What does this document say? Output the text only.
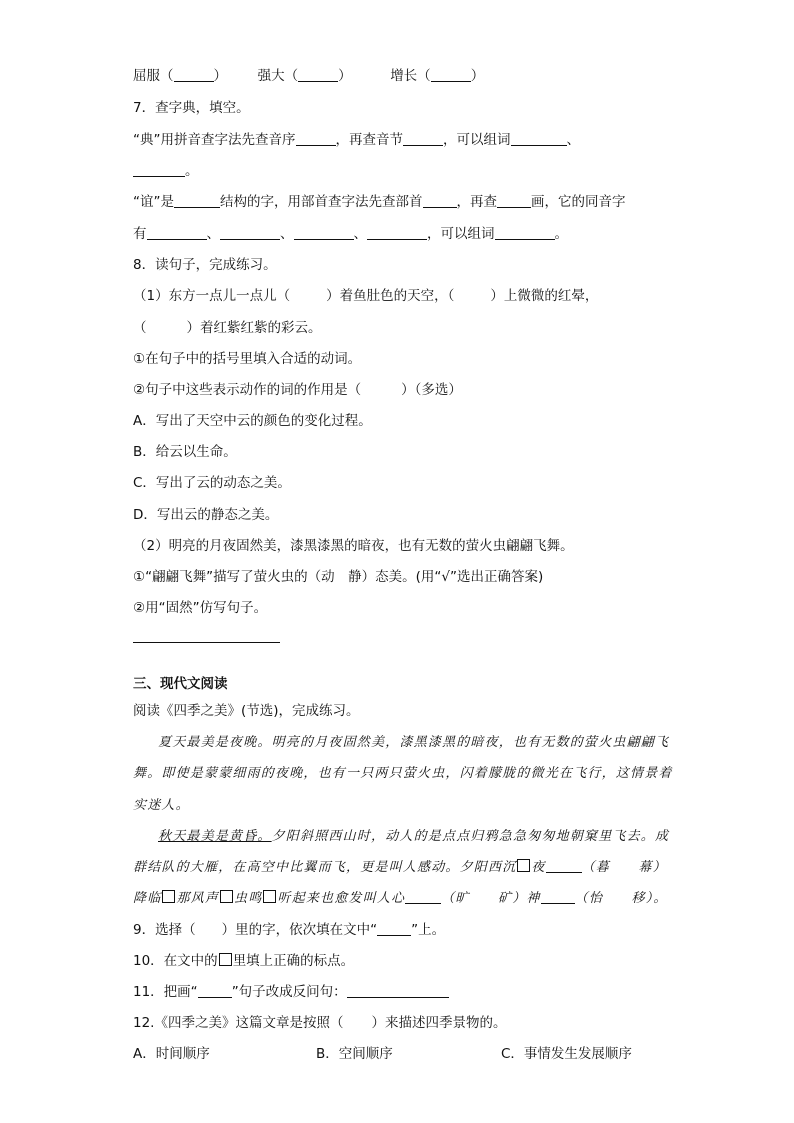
屈服（	） 强大（	）	增长（	）
7．查字典，填空。
“典”用拼音查字法先查音序	，再查音节	，可以组词	、
。
“谊”是	结构的字，用部首查字法先查部首	，再查	画，它的同音字
有	、	、	、	，可以组词	。
8．读句子，完成练习。
（1）东方一点儿一点儿（	）着鱼肚色的天空，（	）上微微的红晕，
（	）着红紫红紫的彩云。
①在句子中的括号里填入合适的动词。
②句子中这些表示动作的词的作用是（	）（多选）
A．写出了天空中云的颜色的变化过程。
B．给云以生命。
C．写出了云的动态之美。
D．写出云的静态之美。
（2）明亮的月夜固然美，漆黑漆黑的暗夜，也有无数的萤火虫翩翩飞舞。
①“翩翩飞舞”描写了萤火虫的（动　静）态美。(用“√”选出正确答案)
②用“固然”仿写句子。
三、现代文阅读
阅读《四季之美》(节选)，完成练习。
夏天最美是夜晚。明亮的月夜固然美，漆黑漆黑的暗夜，也有无数的萤火虫翩翩飞
舞。即使是蒙蒙细雨的夜晚，也有一只两只萤火虫，闪着朦胧的微光在飞行，这情景着
实迷人。
秋天最美是黄昏。夕阳斜照西山时，动人的是点点归鸦急急匆匆地朝窠里飞去。成
群结队的大雁，在高空中比翼而飞，更是叫人感动。夕阳西沉 夜	（暮　　幕）
降临 那风声 虫鸣 听起来也愈发叫人心	（旷　　矿）神	（怡　　移）。
9．选择（ ）里的字，依次填在文中“	”上。
10．在文中的 里填上正确的标点。
11．把画“	”句子改成反问句：
12.《四季之美》这篇文章是按照（ ）来描述四季景物的。
A．时间顺序	B．空间顺序	C．事情发生发展顺序
